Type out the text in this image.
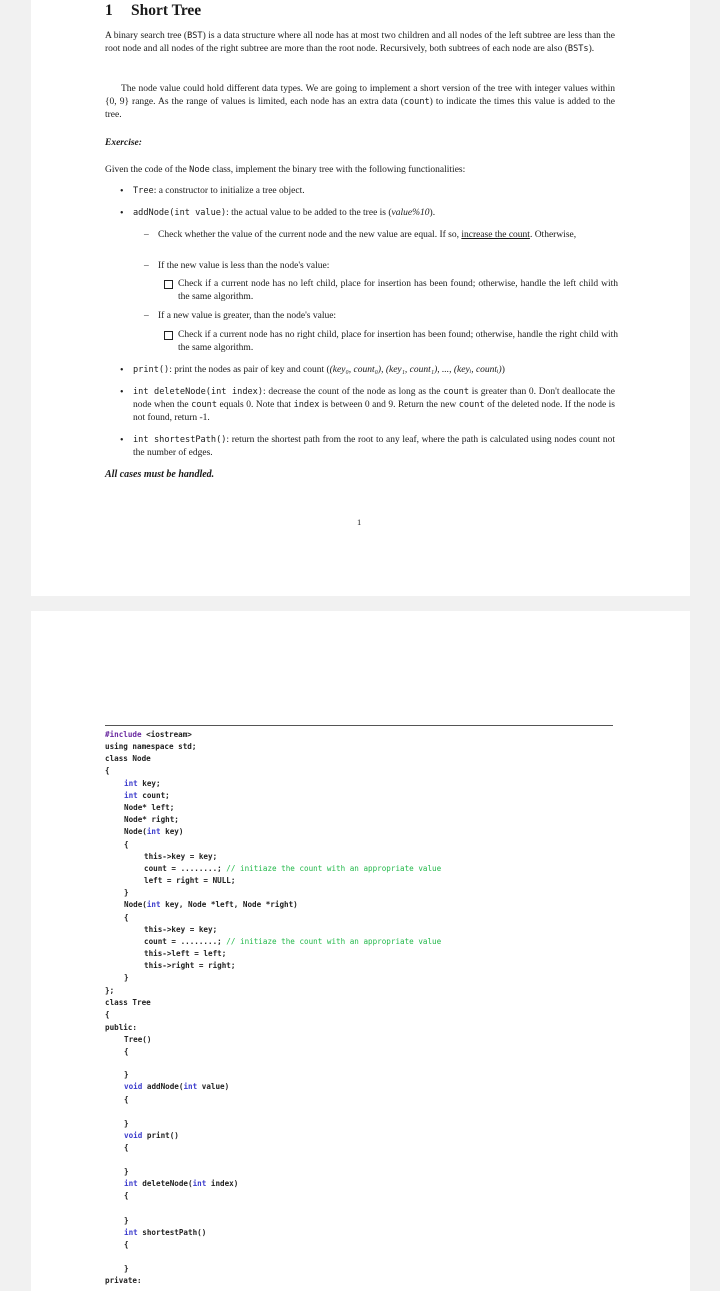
1 Short Tree

A binary search tree (BST) is a data structure where all node has at most two children and all nodes of the left subtree are less than the root node and all nodes of the right subtree are more than the root node. Recursively, both subtrees of each node are also (BSTs).

The node value could hold different data types. We are going to implement a short version of the tree with integer values within {0, 9} range. As the range of values is limited, each node has an extra data (count) to indicate the times this value is added to the tree.

Exercise:

Given the code of the Node class, implement the binary tree with the following functionalities:

• Tree: a constructor to initialize a tree object.
• addNode(int value): the actual value to be added to the tree is (value%10).
– Check whether the value of the current node and the new value are equal. If so, increase the count. Otherwise,
– If the new value is less than the node's value:
Check if a current node has no left child, place for insertion has been found; otherwise, handle the left child with the same algorithm.
– If a new value is greater, than the node's value:
Check if a current node has no right child, place for insertion has been found; otherwise, handle the right child with the same algorithm.
• print(): print the nodes as pair of key and count ((key₀, count₀), (key₁, count₁), ..., (keyᵢ, countᵢ))
• int deleteNode(int index): decrease the count of the node as long as the count is greater than 0. Don't deallocate the node when the count equals 0. Note that index is between 0 and 9. Return the new count of the deleted node. If the node is not found, return -1.
• int shortestPath(): return the shortest path from the root to any leaf, where the path is calculated using nodes count not the number of edges.
All cases must be handled.
1
#include <iostream>
using namespace std;
class Node
{
int key;
int count;
Node* left;
Node* right;
Node(int key)
{
this->key = key;
count = ........; // initiaze the count with an appropriate value
left = right = NULL;
}
Node(int key, Node *left, Node *right)
{
this->key = key;
count = ........; // initiaze the count with an appropriate value
this->left = left;
this->right = right;
}
};
class Tree
{
public:
Tree()
{
}
void addNode(int value)
{
}
void print()
{
}
int deleteNode(int index)
{
}
int shortestPath()
{
}
private:
